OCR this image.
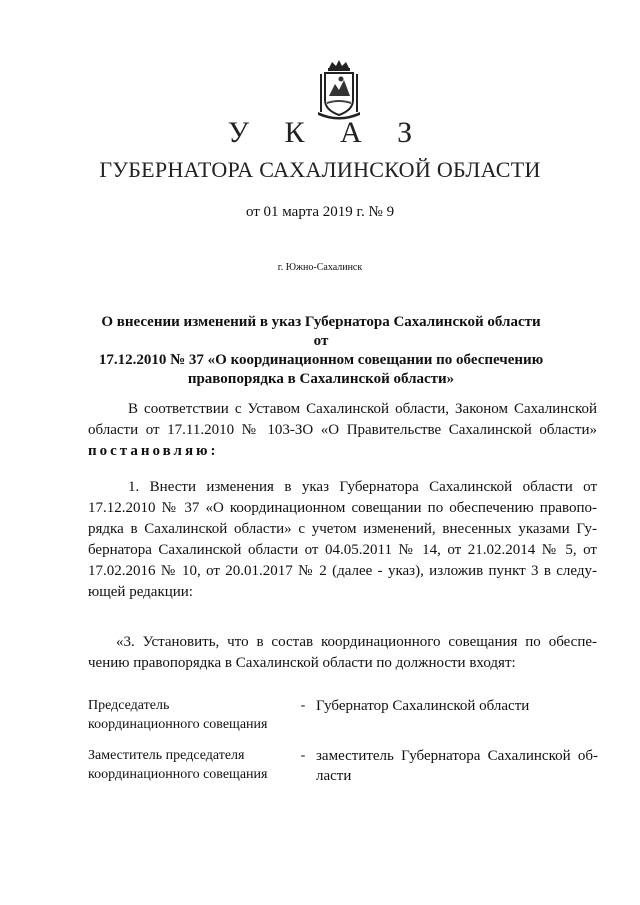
У К А З
ГУБЕРНАТОРА САХАЛИНСКОЙ ОБЛАСТИ
от 01 марта 2019 г. № 9
г. Южно-Сахалинск
О внесении изменений в указ Губернатора Сахалинской области от
17.12.2010 № 37 «О координационном совещании по обеспечению
правопорядка в Сахалинской области»
В соответствии с Уставом Сахалинской области, Законом Сахалинской
области от 17.11.2010 № 103-ЗО «О Правительстве Сахалинской области»
постановляю:
1. Внести изменения в указ Губернатора Сахалинской области от
17.12.2010 № 37 «О координационном совещании по обеспечению правопо-
рядка в Сахалинской области» с учетом изменений, внесенных указами Гу-
бернатора Сахалинской области от 04.05.2011 № 14, от 21.02.2014 № 5, от
17.02.2016 № 10, от 20.01.2017 № 2 (далее - указ), изложив пункт 3 в следу-
ющей редакции:
«3. Установить, что в состав координационного совещания по обеспе-
чению правопорядка в Сахалинской области по должности входят:
Председатель
координационного совещания
- Губернатор Сахалинской области
Заместитель председателя
координационного совещания
- заместитель Губернатора Сахалинской об-
ласти
